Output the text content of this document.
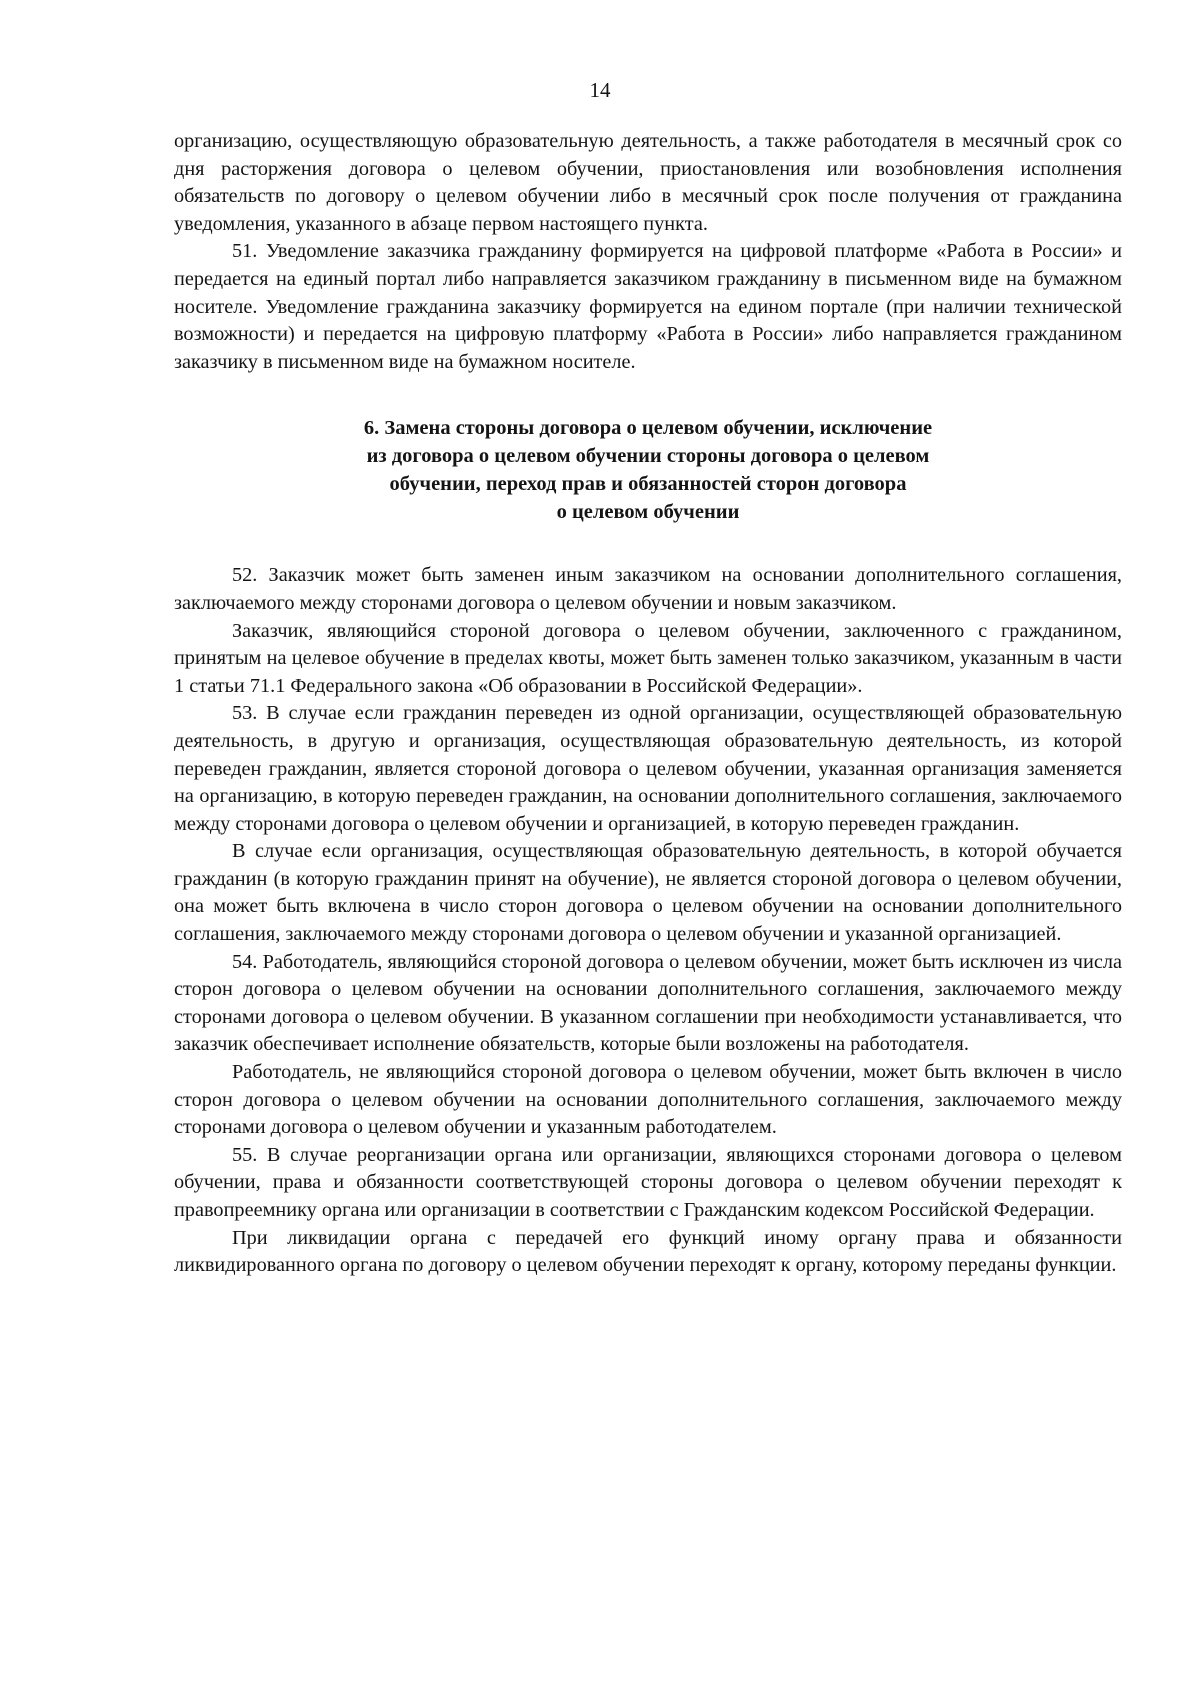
14

организацию, осуществляющую образовательную деятельность, а также работодателя в месячный срок со дня расторжения договора о целевом обучении, приостановления или возобновления исполнения обязательств по договору о целевом обучении либо в месячный срок после получения от гражданина уведомления, указанного в абзаце первом настоящего пункта.

51. Уведомление заказчика гражданину формируется на цифровой платформе «Работа в России» и передается на единый портал либо направляется заказчиком гражданину в письменном виде на бумажном носителе. Уведомление гражданина заказчику формируется на едином портале (при наличии технической возможности) и передается на цифровую платформу «Работа в России» либо направляется гражданином заказчику в письменном виде на бумажном носителе.

6. Замена стороны договора о целевом обучении, исключение
из договора о целевом обучении стороны договора о целевом
обучении, переход прав и обязанностей сторон договора
о целевом обучении

52. Заказчик может быть заменен иным заказчиком на основании дополнительного соглашения, заключаемого между сторонами договора о целевом обучении и новым заказчиком.

Заказчик, являющийся стороной договора о целевом обучении, заключенного с гражданином, принятым на целевое обучение в пределах квоты, может быть заменен только заказчиком, указанным в части 1 статьи 71.1 Федерального закона «Об образовании в Российской Федерации».

53. В случае если гражданин переведен из одной организации, осуществляющей образовательную деятельность, в другую и организация, осуществляющая образовательную деятельность, из которой переведен гражданин, является стороной договора о целевом обучении, указанная организация заменяется на организацию, в которую переведен гражданин, на основании дополнительного соглашения, заключаемого между сторонами договора о целевом обучении и организацией, в которую переведен гражданин.

В случае если организация, осуществляющая образовательную деятельность, в которой обучается гражданин (в которую гражданин принят на обучение), не является стороной договора о целевом обучении, она может быть включена в число сторон договора о целевом обучении на основании дополнительного соглашения, заключаемого между сторонами договора о целевом обучении и указанной организацией.

54. Работодатель, являющийся стороной договора о целевом обучении, может быть исключен из числа сторон договора о целевом обучении на основании дополнительного соглашения, заключаемого между сторонами договора о целевом обучении. В указанном соглашении при необходимости устанавливается, что заказчик обеспечивает исполнение обязательств, которые были возложены на работодателя.

Работодатель, не являющийся стороной договора о целевом обучении, может быть включен в число сторон договора о целевом обучении на основании дополнительного соглашения, заключаемого между сторонами договора о целевом обучении и указанным работодателем.

55. В случае реорганизации органа или организации, являющихся сторонами договора о целевом обучении, права и обязанности соответствующей стороны договора о целевом обучении переходят к правопреемнику органа или организации в соответствии с Гражданским кодексом Российской Федерации.

При ликвидации органа с передачей его функций иному органу права и обязанности ликвидированного органа по договору о целевом обучении переходят к органу, которому переданы функции.
